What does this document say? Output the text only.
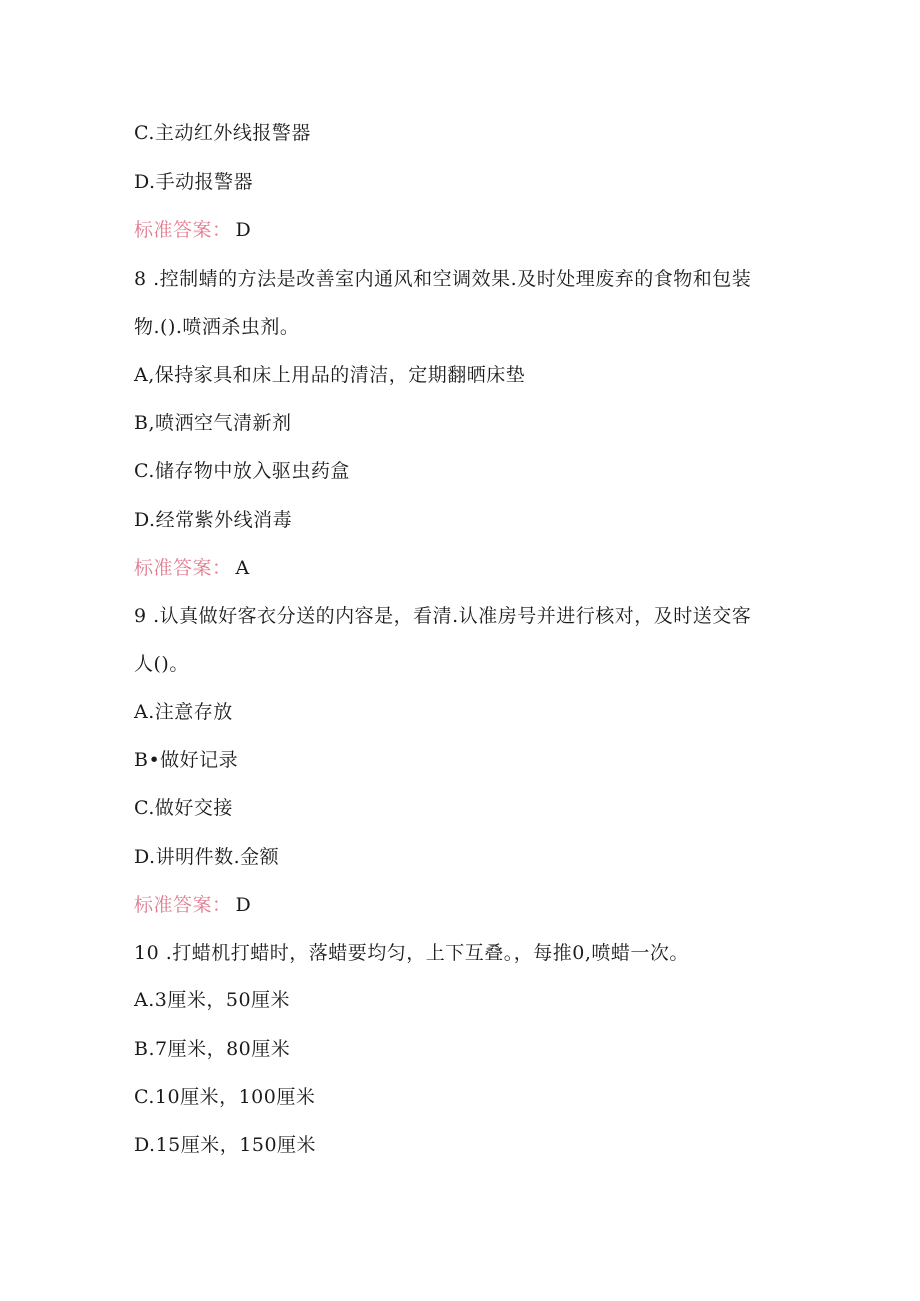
C.主动红外线报警器
D.手动报警器
标准答案： D
8 .控制蜻的方法是改善室内通风和空调效果.及时处理废弃的食物和包装
物.().喷洒杀虫剂。
A,保持家具和床上用品的清洁，定期翻晒床垫
B,喷洒空气清新剂
C.储存物中放入驱虫药盒
D.经常紫外线消毒
标准答案： A
9 .认真做好客衣分送的内容是，看清.认准房号并进行核对，及时送交客
人()。
A.注意存放
B•做好记录
C.做好交接
D.讲明件数.金额
标准答案： D
10 .打蜡机打蜡时，落蜡要均匀，上下互叠。，每推0,喷蜡一次。
A.3厘米，50厘米
B.7厘米，80厘米
C.10厘米，100厘米
D.15厘米，150厘米
